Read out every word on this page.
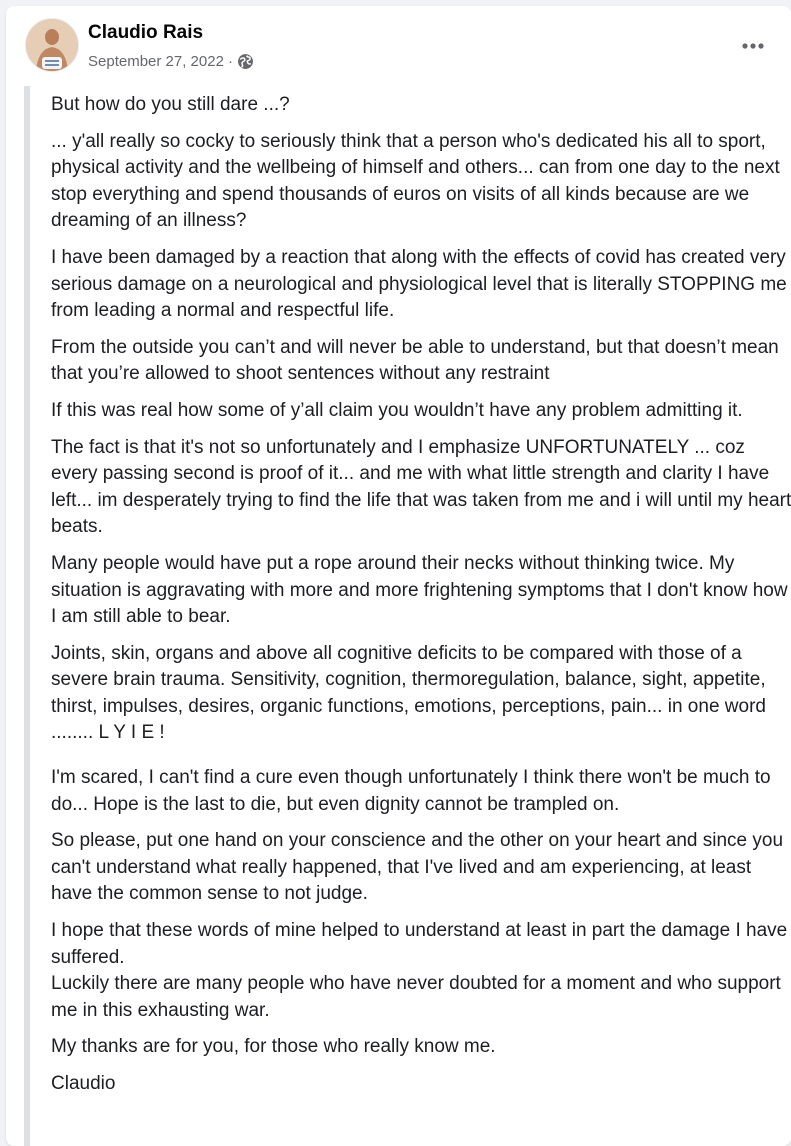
Claudio Rais
September 27, 2022 ·

But how do you still dare ...?

... y'all really so cocky to seriously think that a person who's dedicated his all to sport, physical activity and the wellbeing of himself and others... can from one day to the next stop everything and spend thousands of euros on visits of all kinds because are we dreaming of an illness?

I have been damaged by a reaction that along with the effects of covid has created very serious damage on a neurological and physiological level that is literally STOPPING me from leading a normal and respectful life.

From the outside you can’t and will never be able to understand, but that doesn’t mean that you’re allowed to shoot sentences without any restraint

If this was real how some of y’all claim you wouldn’t have any problem admitting it.

The fact is that it's not so unfortunately and I emphasize UNFORTUNATELY ... coz every passing second is proof of it... and me with what little strength and clarity I have left... im desperately trying to find the life that was taken from me and i will until my heart beats.

Many people would have put a rope around their necks without thinking twice. My situation is aggravating with more and more frightening symptoms that I don't know how I am still able to bear.

Joints, skin, organs and above all cognitive deficits to be compared with those of a severe brain trauma. Sensitivity, cognition, thermoregulation, balance, sight, appetite, thirst, impulses, desires, organic functions, emotions, perceptions, pain... in one word ........ L Y I E !

I'm scared, I can't find a cure even though unfortunately I think there won't be much to do... Hope is the last to die, but even dignity cannot be trampled on.

So please, put one hand on your conscience and the other on your heart and since you can't understand what really happened, that I've lived and am experiencing, at least have the common sense to not judge.

I hope that these words of mine helped to understand at least in part the damage I have suffered.
Luckily there are many people who have never doubted for a moment and who support me in this exhausting war.

My thanks are for you, for those who really know me.

Claudio
